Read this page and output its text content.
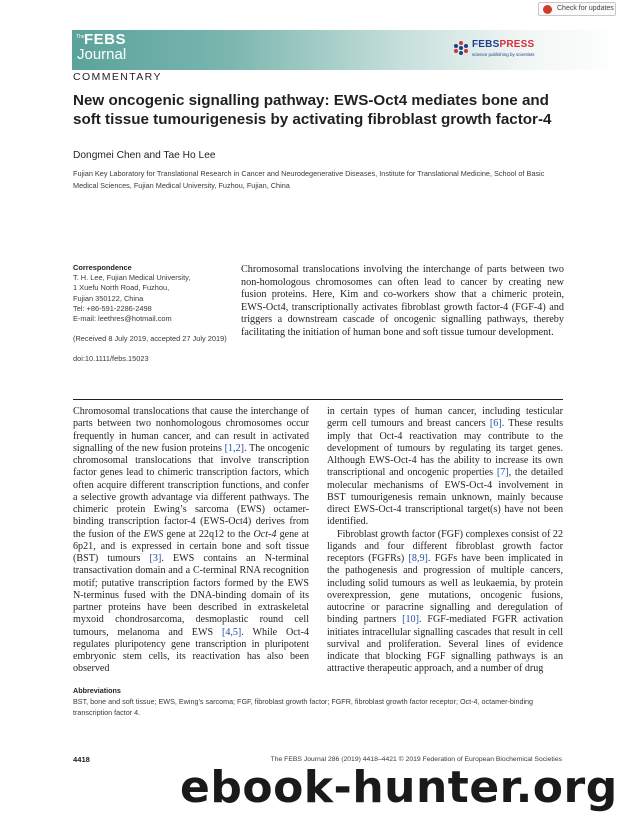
Check for updates
The FEBS
Journal
FEBSPRESS
science publishing by scientists
COMMENTARY
New oncogenic signalling pathway: EWS-Oct4 mediates bone and soft tissue tumourigenesis by activating fibroblast growth factor-4
Dongmei Chen and Tae Ho Lee
Fujian Key Laboratory for Translational Research in Cancer and Neurodegenerative Diseases, Institute for Translational Medicine, School of Basic Medical Sciences, Fujian Medical University, Fuzhou, Fujian, China
Correspondence
T. H. Lee, Fujian Medical University,
1 Xuefu North Road, Fuzhou,
Fujian 350122, China
Tel: +86-591-2286-2498
E-mail: leethres@hotmail.com
(Received 8 July 2019, accepted 27 July 2019)
doi:10.1111/febs.15023
Chromosomal translocations involving the interchange of parts between two non-homologous chromosomes can often lead to cancer by creating new fusion proteins. Here, Kim and co-workers show that a chimeric protein, EWS-Oct4, transcriptionally activates fibroblast growth factor-4 (FGF-4) and triggers a downstream cascade of oncogenic signalling pathways, thereby facilitating the initiation of human bone and soft tissue tumour development.

Chromosomal translocations that cause the interchange of parts between two nonhomologous chromosomes occur frequently in human cancer, and can result in activated signalling of the new fusion proteins [1,2]. The oncogenic chromosomal translocations that involve transcription factor genes lead to chimeric transcription factors, which often acquire different transcription functions, and confer a selective growth advantage via different pathways. The chimeric protein Ewing’s sarcoma (EWS) octamer-binding transcription factor-4 (EWS-Oct4) derives from the fusion of the EWS gene at 22q12 to the Oct-4 gene at 6p21, and is expressed in certain bone and soft tissue (BST) tumours [3]. EWS contains an N-terminal transactivation domain and a C-terminal RNA recognition motif; putative transcription factors formed by the EWS N-terminus fused with the DNA-binding domain of its partner proteins have been described in extraskeletal myxoid chondrosarcoma, desmoplastic round cell tumours, melanoma and EWS [4,5]. While Oct-4 regulates pluripotency gene transcription in pluripotent embryonic stem cells, its reactivation has also been observed

in certain types of human cancer, including testicular germ cell tumours and breast cancers [6]. These results imply that Oct-4 reactivation may contribute to the development of tumours by regulating its target genes. Although EWS-Oct-4 has the ability to increase its own transcriptional and oncogenic properties [7], the detailed molecular mechanisms of EWS-Oct-4 involvement in BST tumourigenesis remain unknown, mainly because direct EWS-Oct-4 transcriptional target(s) have not been identified.

Fibroblast growth factor (FGF) complexes consist of 22 ligands and four different fibroblast growth factor receptors (FGFRs) [8,9]. FGFs have been implicated in the pathogenesis and progression of multiple cancers, including solid tumours as well as leukaemia, by protein overexpression, gene mutations, oncogenic fusions, autocrine or paracrine signalling and deregulation of binding partners [10]. FGF-mediated FGFR activation initiates intracellular signalling cascades that result in cell survival and proliferation. Several lines of evidence indicate that blocking FGF signalling pathways is an attractive therapeutic approach, and a number of drug

Abbreviations
BST, bone and soft tissue; EWS, Ewing’s sarcoma; FGF, fibroblast growth factor; FGFR, fibroblast growth factor receptor; Oct-4, octamer-binding transcription factor 4.
4418	The FEBS Journal 286 (2019) 4418–4421 © 2019 Federation of European Biochemical Societies
ebook-hunter.org
